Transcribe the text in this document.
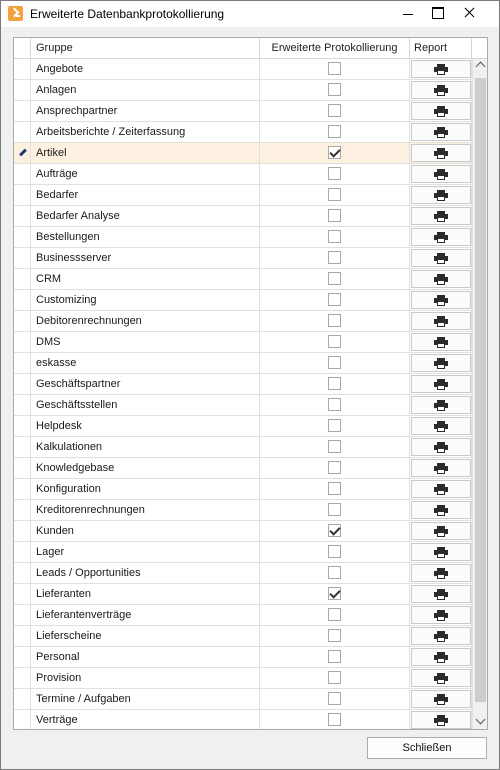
Erweiterte Datenbankprotokollierung
Gruppe	Erweiterte Protokollierung	Report
Angebote
Anlagen
Ansprechpartner
Arbeitsberichte / Zeiterfassung
Artikel
Aufträge
Bedarfer
Bedarfer Analyse
Bestellungen
Businessserver
CRM
Customizing
Debitorenrechnungen
DMS
eskasse
Geschäftspartner
Geschäftsstellen
Helpdesk
Kalkulationen
Knowledgebase
Konfiguration
Kreditorenrechnungen
Kunden
Lager
Leads / Opportunities
Lieferanten
Lieferantenverträge
Lieferscheine
Personal
Provision
Termine / Aufgaben
Verträge
Schließen
